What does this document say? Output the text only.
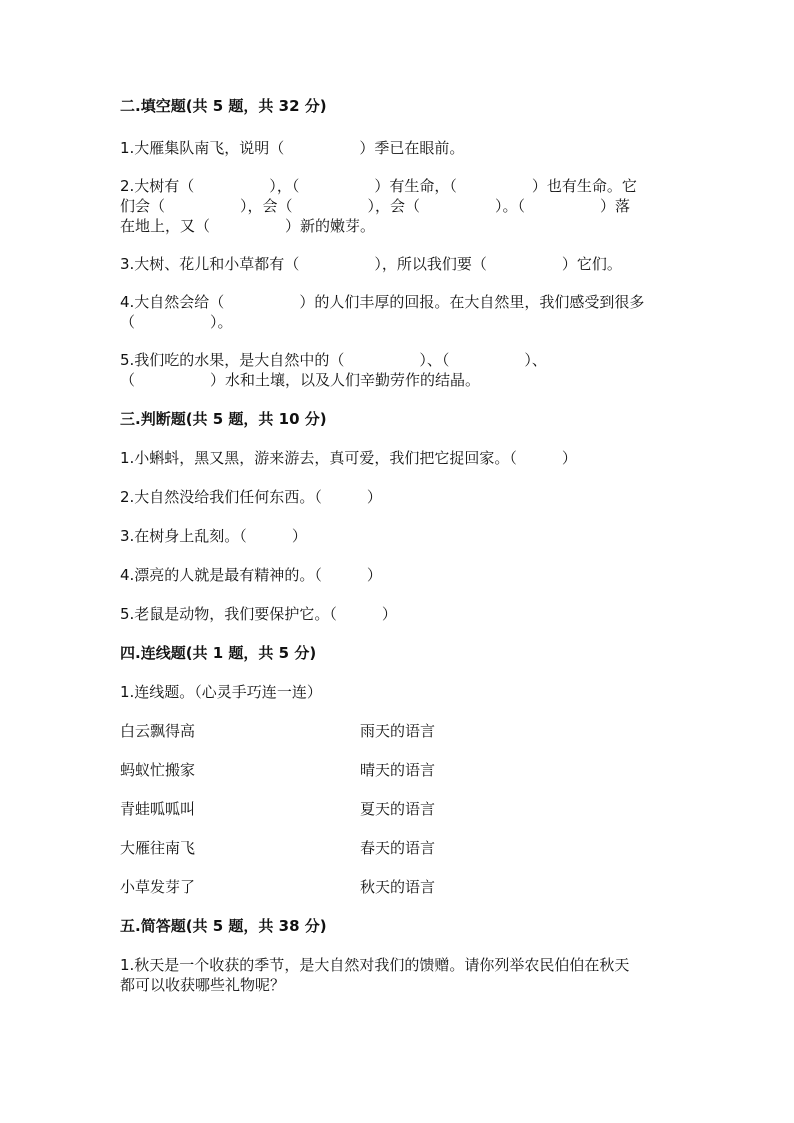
二.填空题(共 5 题，共 32 分)

1.大雁集队南飞，说明（　　　　　）季已在眼前。

2.大树有（　　　　　），（　　　　　）有生命，（　　　　　）也有生命。它

们会（　　　　　），会（　　　　　），会（　　　　　）。（　　　　　）落

在地上，又（　　　　　）新的嫩芽。

3.大树、花儿和小草都有（　　　　　），所以我们要（　　　　　）它们。

4.大自然会给（　　　　　）的人们丰厚的回报。在大自然里，我们感受到很多

（　　　　　）。

5.我们吃的水果，是大自然中的（　　　　　）、（　　　　　）、

（　　　　　）水和土壤，以及人们辛勤劳作的结晶。

三.判断题(共 5 题，共 10 分)

1.小蝌蚪，黑又黑，游来游去，真可爱，我们把它捉回家。（　　　）

2.大自然没给我们任何东西。（　　　）

3.在树身上乱刻。（　　　）

4.漂亮的人就是最有精神的。（　　　）

5.老鼠是动物，我们要保护它。（　　　）

四.连线题(共 1 题，共 5 分)

1.连线题。（心灵手巧连一连）

白云飘得高	雨天的语言
蚂蚁忙搬家	晴天的语言
青蛙呱呱叫	夏天的语言
大雁往南飞	春天的语言
小草发芽了	秋天的语言

五.简答题(共 5 题，共 38 分)

1.秋天是一个收获的季节，是大自然对我们的馈赠。请你列举农民伯伯在秋天

都可以收获哪些礼物呢？
